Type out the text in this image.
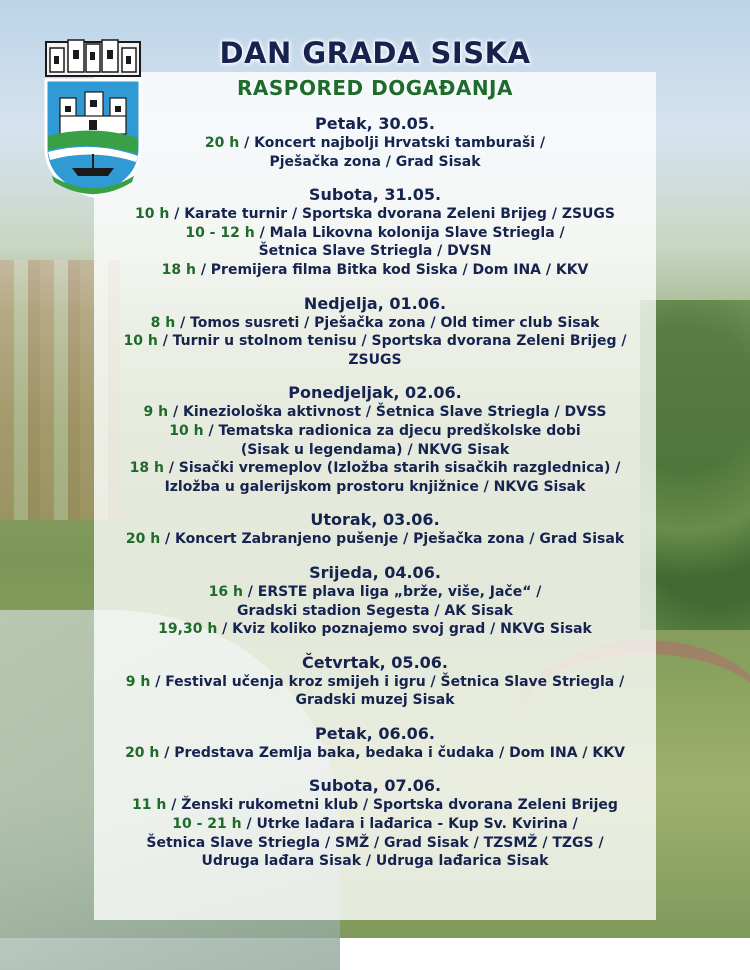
DAN GRADA SISKA
RASPORED DOGAĐANJA
Petak, 30.05.
20 h / Koncert najbolji Hrvatski tamburaši /
Pješačka zona / Grad Sisak
Subota, 31.05.
10 h / Karate turnir / Sportska dvorana Zeleni Brijeg / ZSUGS
10 - 12 h / Mala Likovna kolonija Slave Striegla /
Šetnica Slave Striegla / DVSN
18 h / Premijera filma Bitka kod Siska / Dom INA / KKV
Nedjelja, 01.06.
8 h / Tomos susreti / Pješačka zona / Old timer club Sisak
10 h / Turnir u stolnom tenisu / Sportska dvorana Zeleni Brijeg /
ZSUGS
Ponedjeljak, 02.06.
9 h / Kineziološka aktivnost / Šetnica Slave Striegla / DVSS
10 h / Tematska radionica za djecu predškolske dobi
(Sisak u legendama) / NKVG Sisak
18 h / Sisački vremeplov (Izložba starih sisačkih razglednica) /
Izložba u galerijskom prostoru knjižnice / NKVG Sisak
Utorak, 03.06.
20 h / Koncert Zabranjeno pušenje / Pješačka zona / Grad Sisak
Srijeda, 04.06.
16 h / ERSTE plava liga „brže, više, Jače“ /
Gradski stadion Segesta / AK Sisak
19,30 h / Kviz koliko poznajemo svoj grad / NKVG Sisak
Četvrtak, 05.06.
9 h / Festival učenja kroz smijeh i igru / Šetnica Slave Striegla /
Gradski muzej Sisak
Petak, 06.06.
20 h / Predstava Zemlja baka, bedaka i čudaka / Dom INA / KKV
Subota, 07.06.
11 h / Ženski rukometni klub / Sportska dvorana Zeleni Brijeg
10 - 21 h / Utrke lađara i lađarica - Kup Sv. Kvirina /
Šetnica Slave Striegla / SMŽ / Grad Sisak / TZSMŽ / TZGS /
Udruga lađara Sisak / Udruga lađarica Sisak
